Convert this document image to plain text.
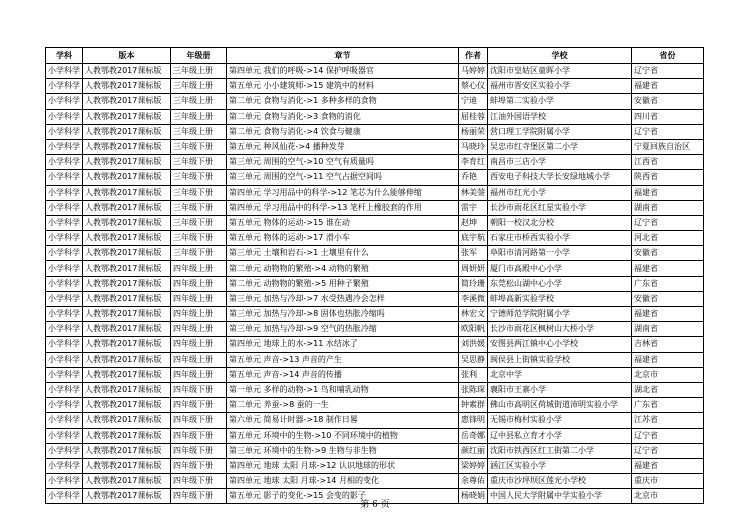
学科	版本	年级册	章节	作者	学校	省份
小学科学	人教鄂教2017课标版	三年级上册	第四单元 我们的呼吸->14 保护呼吸器官	马婷婷	沈阳市皇姑区童晖小学	辽宁省
小学科学	人教鄂教2017课标版	三年级上册	第五单元 小小建筑师->15 建筑中的材料	蔡心仪	福州市晋安区实验小学	福建省
小学科学	人教鄂教2017课标版	三年级上册	第二单元 食物与消化->1 多种多样的食物	宁迪	蚌埠第二实验小学	安徽省
小学科学	人教鄂教2017课标版	三年级上册	第二单元 食物与消化->3 食物的消化	屈桂蓉	江油外国语学校	四川省
小学科学	人教鄂教2017课标版	三年级上册	第二单元 食物与消化->4 饮食与健康	杨丽荣	营口理工学院附属小学	辽宁省
小学科学	人教鄂教2017课标版	三年级下册	第五单元 种风仙花->4 播种发芽	马晓玲	吴忠市红寺堡区第二小学	宁夏回族自治区
小学科学	人教鄂教2017课标版	三年级下册	第三单元 周围的空气->10 空气有质量吗	李育红	南昌市三店小学	江西省
小学科学	人教鄂教2017课标版	三年级下册	第三单元 周围的空气->11 空气占据空间吗	乔艳	西安电子科技大学长安绿地城小学	陕西省
小学科学	人教鄂教2017课标版	三年级下册	第四单元 学习用品中的科学->12 笔芯为什么能够伸缩	林美蓥	福州市红光小学	福建省
小学科学	人教鄂教2017课标版	三年级下册	第四单元 学习用品中的科学->13 笔杆上橡胶套的作用	雷宇	长沙市雨花区红星实验小学	湖南省
小学科学	人教鄂教2017课标版	三年级下册	第五单元 物体的运动->15 谁在动	赵坤	朝阳一校汉北分校	辽宁省
小学科学	人教鄂教2017课标版	三年级下册	第五单元 物体的运动->17 滑小车	底宇航	石家庄市桥西实验小学	河北省
小学科学	人教鄂教2017课标版	三年级下册	第三单元 土壤和岩石->1 土壤里有什么	张军	阜阳市清河路第一小学	安徽省
小学科学	人教鄂教2017课标版	四年级上册	第二单元 动物物的繁殖->4 动物的繁殖	周妍妍	厦门市高殿中心小学	福建省
小学科学	人教鄂教2017课标版	四年级上册	第二单元 动物物的繁殖->5 用种子繁殖	简玲珊	东莞松山湖中心小学	广东省
小学科学	人教鄂教2017课标版	四年级上册	第三单元 加热与冷却->7 水受热遇冷会怎样	李溪微	蚌埠高新实验学校	安徽省
小学科学	人教鄂教2017课标版	四年级上册	第三单元 加热与冷却->8 固体也热胀冷缩吗	林宏文	宁德师范学院附属小学	福建省
小学科学	人教鄂教2017课标版	四年级上册	第三单元 加热与冷却->9 空气的热胀冷缩	欧阳帆	长沙市雨花区枫树山大桥小学	湖南省
小学科学	人教鄂教2017课标版	四年级上册	第四单元 地球上的水->11 水结冰了	刘洪媛	安图县两江镇中心小学校	吉林省
小学科学	人教鄂教2017课标版	四年级上册	第五单元 声音->13 声音的产生	吴思静	闽侯县上街镇实验学校	福建省
小学科学	人教鄂教2017课标版	四年级上册	第五单元 声音->14 声音的传播	张利	北京中学	北京市
小学科学	人教鄂教2017课标版	四年级下册	第一单元 多样的动物->1 鸟和哺乳动物	张陈琛	襄阳市王寨小学	湖北省
小学科学	人教鄂教2017课标版	四年级下册	第二单元 养蚕->8 蚕的一生	钟素群	佛山市高明区荷城街道沛明实验小学	广东省
小学科学	人教鄂教2017课标版	四年级下册	第六单元 简易计时器->18 制作日晷	惠锋明	无锡市梅村实验小学	江苏省
小学科学	人教鄂教2017课标版	四年级下册	第五单元 环境中的生物->10 不同环境中的植物	岳奇娜	辽中县私立育才小学	辽宁省
小学科学	人教鄂教2017课标版	四年级下册	第三单元 环境中的生物->9 生物与非生物	颜红丽	沈阳市铁西区红工街第二小学	辽宁省
小学科学	人教鄂教2017课标版	四年级下册	第四单元 地球 太阳 月球->12 认识地球的形状	梁婷婷	涵江区实验小学	福建省
小学科学	人教鄂教2017课标版	四年级下册	第四单元 地球 太阳 月球->14 月相的变化	余尊佑	重庆市沙坪坝区莲光小学校	重庆市
小学科学	人教鄂教2017课标版	四年级下册	第五单元 影子的变化->15 会变的影子	杨晓娟	中国人民大学附属中学实验小学	北京市
第 6 页
